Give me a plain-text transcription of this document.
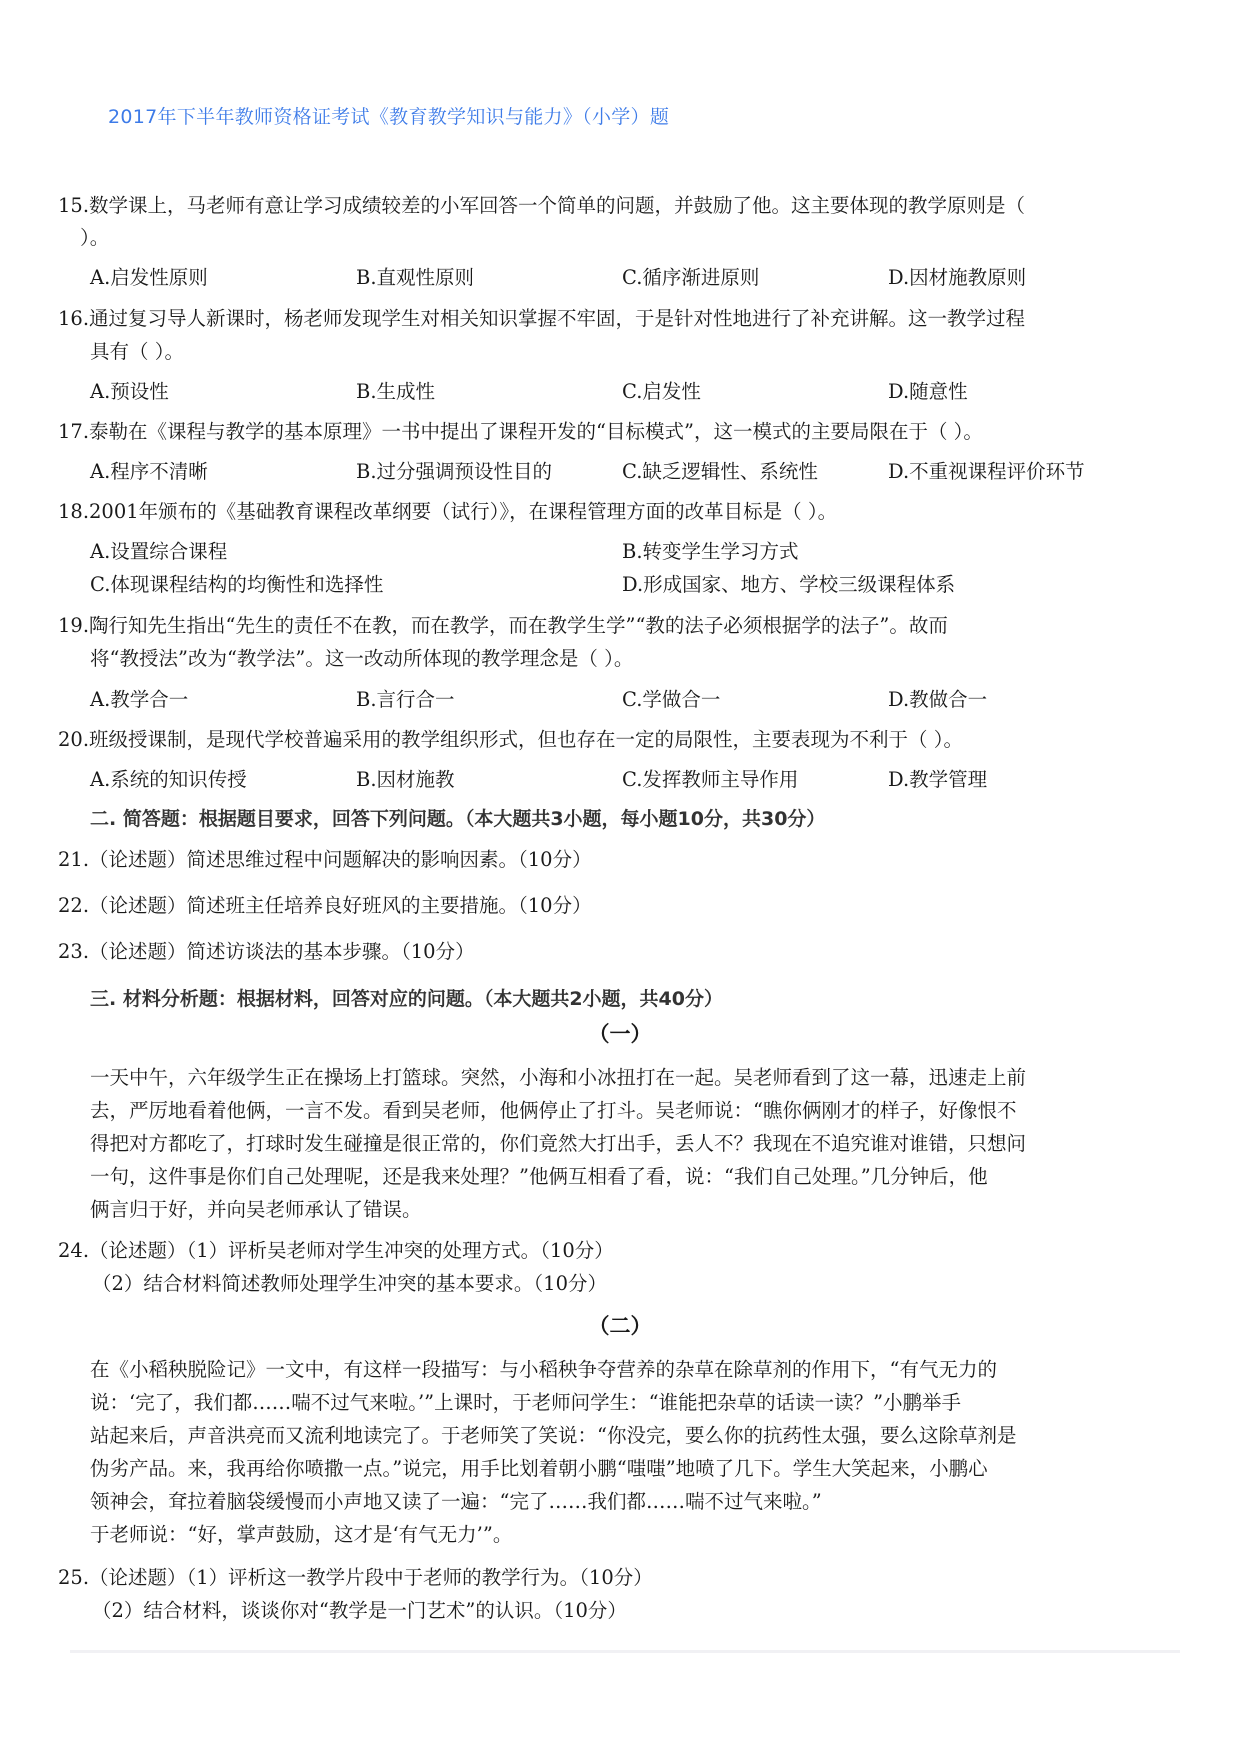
2017年下半年教师资格证考试《教育教学知识与能力》（小学）题
15.数学课上，马老师有意让学习成绩较差的小军回答一个简单的问题，并鼓励了他。这主要体现的教学原则是（
）。
A.启发性原则	B.直观性原则	C.循序渐进原则	D.因材施教原则
16.通过复习导人新课时，杨老师发现学生对相关知识掌握不牢固，于是针对性地进行了补充讲解。这一教学过程
具有（ ）。
A.预设性	B.生成性	C.启发性	D.随意性
17.泰勒在《课程与教学的基本原理》一书中提出了课程开发的“目标模式”，这一模式的主要局限在于（ ）。
A.程序不清晰	B.过分强调预设性目的	C.缺乏逻辑性、系统性	D.不重视课程评价环节
18.2001年颁布的《基础教育课程改革纲要（试行）》，在课程管理方面的改革目标是（ ）。
A.设置综合课程	B.转变学生学习方式
C.体现课程结构的均衡性和选择性	D.形成国家、地方、学校三级课程体系
19.陶行知先生指出“先生的责任不在教，而在教学，而在教学生学”“教的法子必须根据学的法子”。故而
将“教授法”改为“教学法”。这一改动所体现的教学理念是（ ）。
A.教学合一	B.言行合一	C.学做合一	D.教做合一
20.班级授课制，是现代学校普遍采用的教学组织形式，但也存在一定的局限性，主要表现为不利于（ ）。
A.系统的知识传授	B.因材施教	C.发挥教师主导作用	D.教学管理
二. 简答题：根据题目要求，回答下列问题。（本大题共3小题，每小题10分，共30分）
21.（论述题）简述思维过程中问题解决的影响因素。（10分）
22.（论述题）简述班主任培养良好班风的主要措施。（10分）
23.（论述题）简述访谈法的基本步骤。（10分）
三. 材料分析题：根据材料，回答对应的问题。（本大题共2小题，共40分）
（一）
一天中午，六年级学生正在操场上打篮球。突然，小海和小冰扭打在一起。吴老师看到了这一幕，迅速走上前
去，严厉地看着他俩，一言不发。看到吴老师，他俩停止了打斗。吴老师说：“瞧你俩刚才的样子，好像恨不
得把对方都吃了，打球时发生碰撞是很正常的，你们竟然大打出手，丢人不？我现在不追究谁对谁错，只想问
一句，这件事是你们自己处理呢，还是我来处理？”他俩互相看了看，说：“我们自己处理。”几分钟后，他
俩言归于好，并向吴老师承认了错误。
24.（论述题）（1）评析吴老师对学生冲突的处理方式。（10分）
（2）结合材料简述教师处理学生冲突的基本要求。（10分）
（二）
在《小稻秧脱险记》一文中，有这样一段描写：与小稻秧争夺营养的杂草在除草剂的作用下，“有气无力的
说：‘完了，我们都……喘不过气来啦。’”上课时，于老师问学生：“谁能把杂草的话读一读？”小鹏举手
站起来后，声音洪亮而又流利地读完了。于老师笑了笑说：“你没完，要么你的抗药性太强，要么这除草剂是
伪劣产品。来，我再给你喷撒一点。”说完，用手比划着朝小鹏“嗤嗤”地喷了几下。学生大笑起来，小鹏心
领神会，耷拉着脑袋缓慢而小声地又读了一遍：“完了……我们都……喘不过气来啦。”
于老师说：“好，掌声鼓励，这才是‘有气无力’”。
25.（论述题）（1）评析这一教学片段中于老师的教学行为。（10分）
（2）结合材料，谈谈你对“教学是一门艺术”的认识。（10分）
